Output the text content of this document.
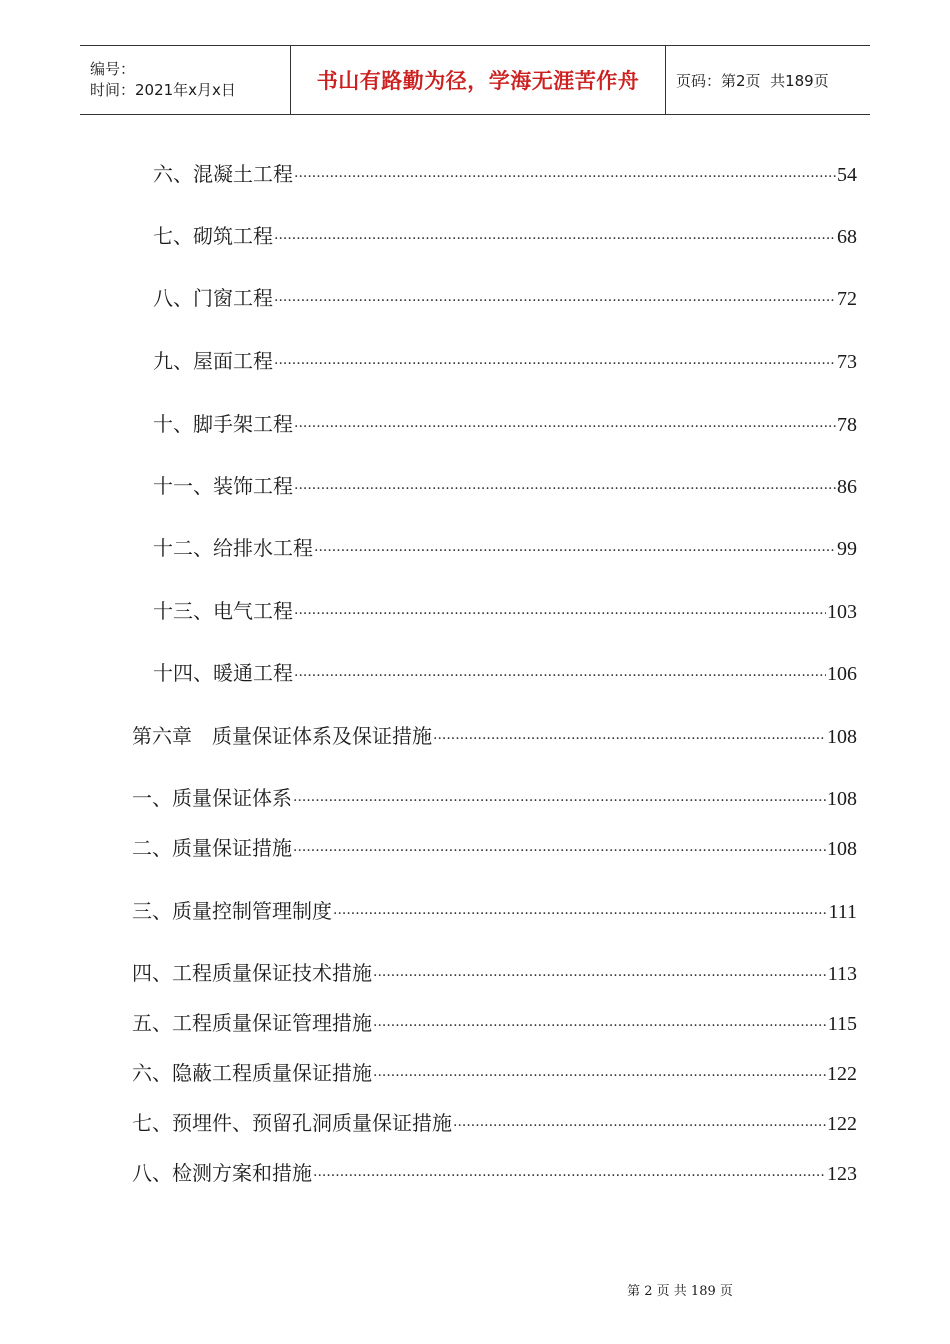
编号：
时间：2021年x月x日	书山有路勤为径，学海无涯苦作舟 页码：第2页  共189页
六、混凝土工程 ·····	54
七、砌筑工程 ·····	68
八、门窗工程 ·····	72
九、屋面工程 ·····	73
十、脚手架工程 ·····	78
十一、装饰工程 ·····	86
十二、给排水工程 ·····	99
十三、电气工程 ·····	103
十四、暖通工程 ·····	106
第六章　质量保证体系及保证措施 ·····	108
一、质量保证体系 ·····	108
二、质量保证措施 ·····	108
三、质量控制管理制度 ·····	111
四、工程质量保证技术措施 ·····	113
五、工程质量保证管理措施 ·····	115
六、隐蔽工程质量保证措施 ·····	122
七、预埋件、预留孔洞质量保证措施 ·····	122
八、检测方案和措施 ·····	123
第 2 页 共 189 页
